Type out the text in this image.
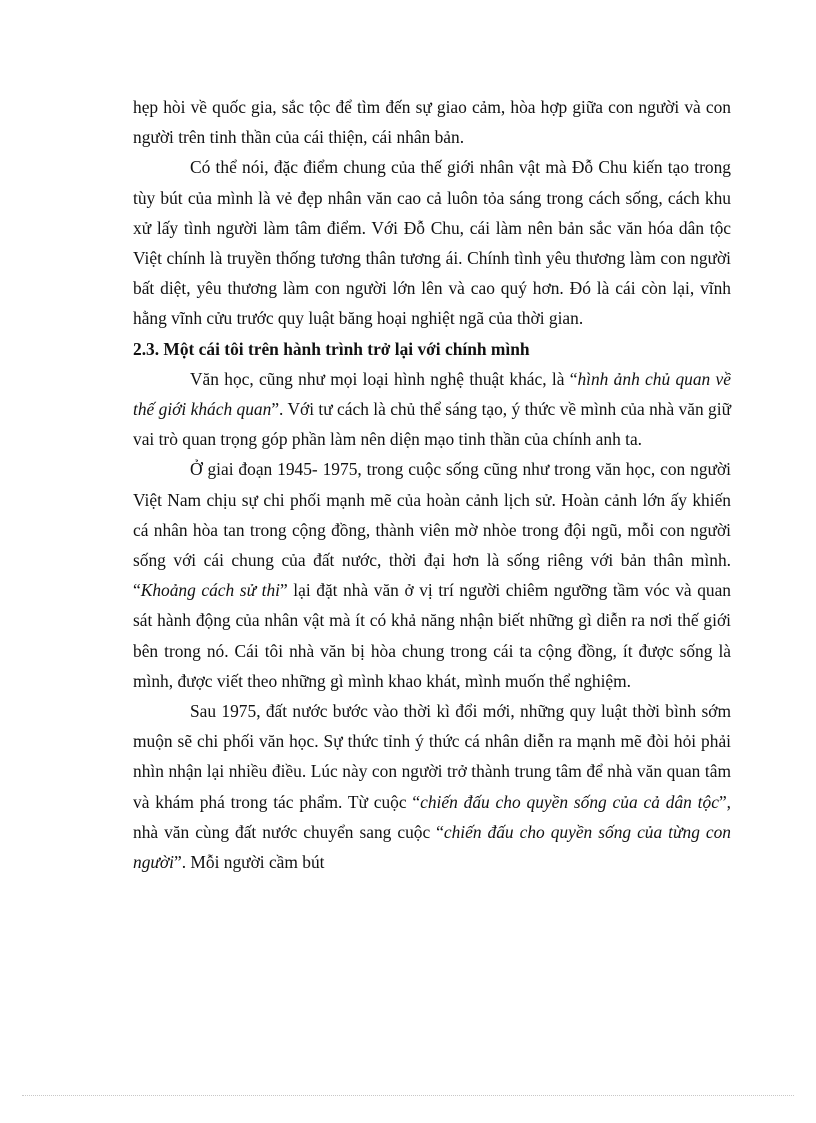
hẹp hòi về quốc gia, sắc tộc để tìm đến sự giao cảm, hòa hợp giữa con người và con người trên tinh thần của cái thiện, cái nhân bản.

Có thể nói, đặc điểm chung của thế giới nhân vật mà Đỗ Chu kiến tạo trong tùy bút của mình là vẻ đẹp nhân văn cao cả luôn tỏa sáng trong cách sống, cách khu xử lấy tình người làm tâm điểm. Với Đỗ Chu, cái làm nên bản sắc văn hóa dân tộc Việt chính là truyền thống tương thân tương ái. Chính tình yêu thương làm con người bất diệt, yêu thương làm con người lớn lên và cao quý hơn. Đó là cái còn lại, vĩnh hằng vĩnh cửu trước quy luật băng hoại nghiệt ngã của thời gian.

2.3. Một cái tôi trên hành trình trở lại với chính mình

Văn học, cũng như mọi loại hình nghệ thuật khác, là “hình ảnh chủ quan về thế giới khách quan”. Với tư cách là chủ thể sáng tạo, ý thức về mình của nhà văn giữ vai trò quan trọng góp phần làm nên diện mạo tinh thần của chính anh ta.

Ở giai đoạn 1945- 1975, trong cuộc sống cũng như trong văn học, con người Việt Nam chịu sự chi phối mạnh mẽ của hoàn cảnh lịch sử. Hoàn cảnh lớn ấy khiến cá nhân hòa tan trong cộng đồng, thành viên mờ nhòe trong đội ngũ, mỗi con người sống với cái chung của đất nước, thời đại hơn là sống riêng với bản thân mình. “Khoảng cách sử thi” lại đặt nhà văn ở vị trí người chiêm ngưỡng tầm vóc và quan sát hành động của nhân vật mà ít có khả năng nhận biết những gì diễn ra nơi thế giới bên trong nó. Cái tôi nhà văn bị hòa chung trong cái ta cộng đồng, ít được sống là mình, được viết theo những gì mình khao khát, mình muốn thể nghiệm.

Sau 1975, đất nước bước vào thời kì đổi mới, những quy luật thời bình sớm muộn sẽ chi phối văn học. Sự thức tỉnh ý thức cá nhân diễn ra mạnh mẽ đòi hỏi phải nhìn nhận lại nhiều điều. Lúc này con người trở thành trung tâm để nhà văn quan tâm và khám phá trong tác phẩm. Từ cuộc “chiến đấu cho quyền sống của cả dân tộc”, nhà văn cùng đất nước chuyển sang cuộc “chiến đấu cho quyền sống của từng con người”. Mỗi người cầm bút
